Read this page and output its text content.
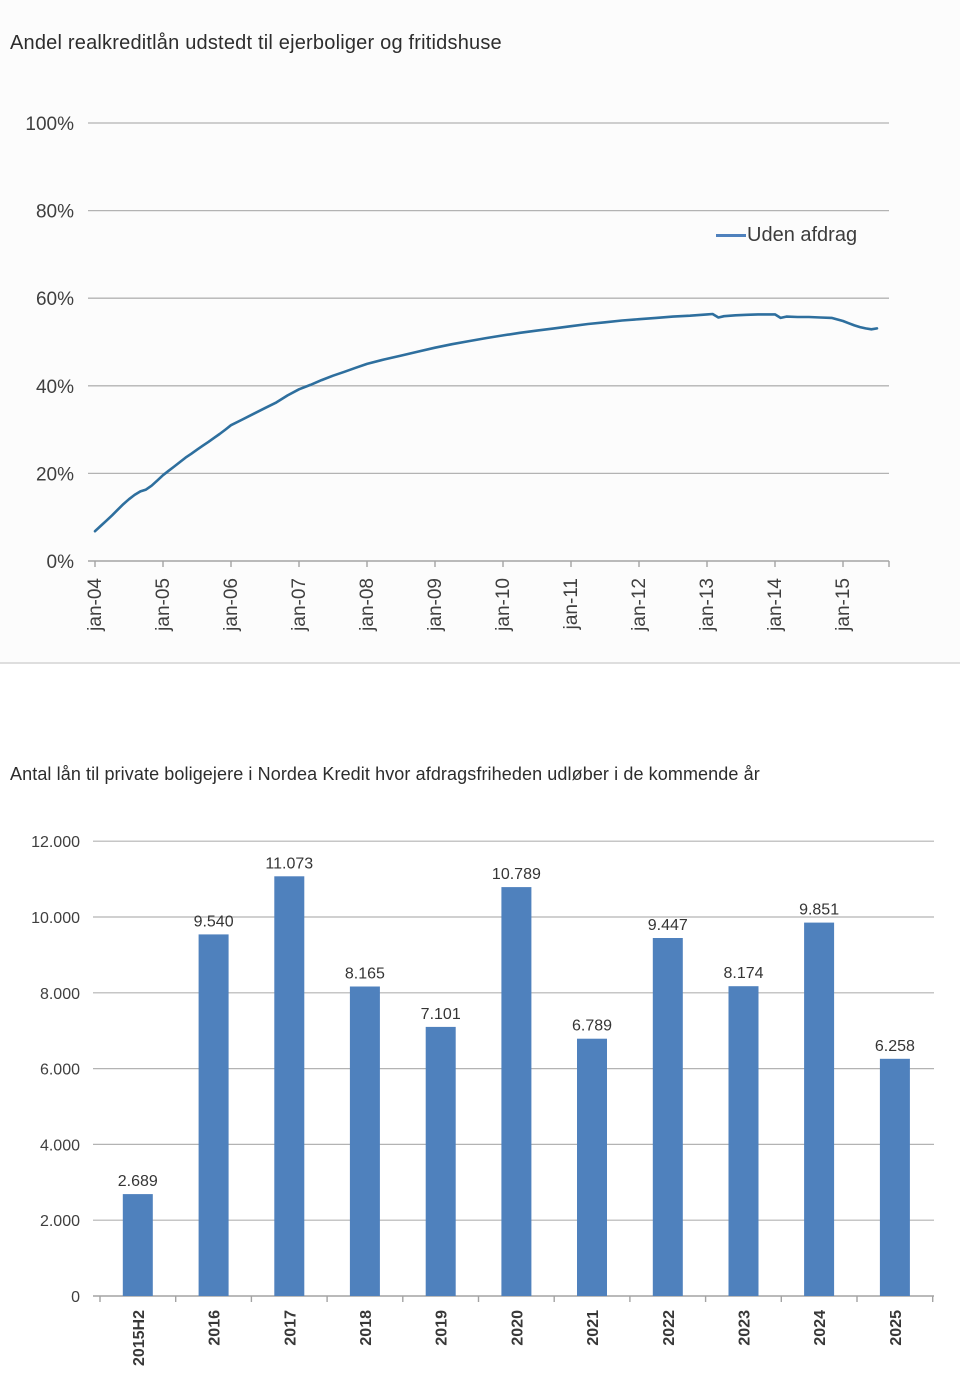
0%
20%
40%
60%
80%
100%
jan-04 jan-05 jan-06 jan-07 jan-08 jan-09 jan-10 jan-11 jan-12 jan-13 jan-14 jan-15
Andel realkreditlån udstedt til ejerboliger og fritidshuse
Uden afdrag
0
2.000
4.000
6.000
8.000
10.000
12.000
2.689
2015H2
9.540
2016
11.073
2017
8.165
2018
7.101
2019
10.789
2020
6.789
2021
9.447
2022
8.174
2023
9.851
2024
6.258
2025
Antal lån til private boligejere i Nordea Kredit hvor afdragsfriheden udløber i de kommende år
